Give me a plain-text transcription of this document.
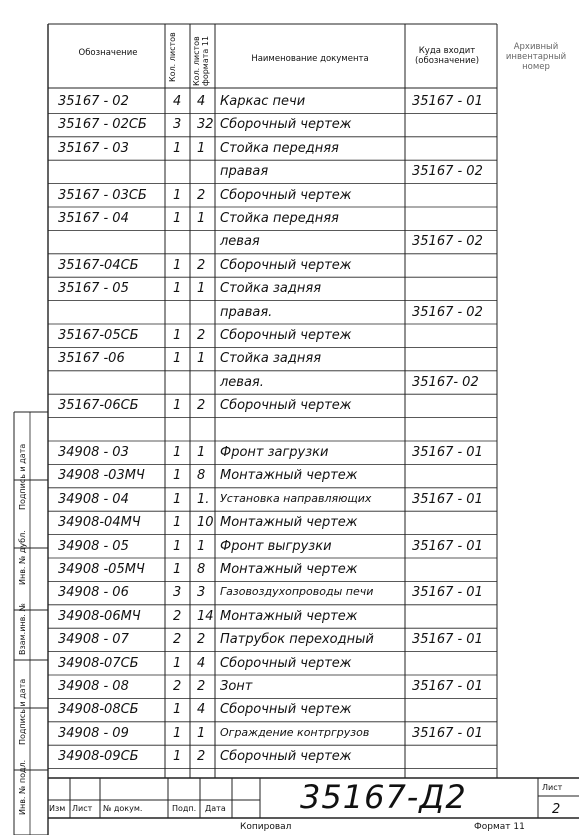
Обозначение	Кол. листов Кол. листов формата 11	Наименование документа
Куда входит (обозначение)
Архивный инвентарный номер
35167 - 02	4 4 Каркас печи	35167 - 01
35167 - 02СБ 3 32 Сборочный чертеж
35167 - 03	1 1 Стойка передняя
правая	35167 - 02
35167 - 03СБ 1 2 Сборочный чертеж
35167 - 04	1 1 Стойка передняя
левая	35167 - 02
35167-04СБ	1 2 Сборочный чертеж
35167 - 05	1 1 Стойка задняя
правая.	35167 - 02
35167-05СБ	1 2 Сборочный чертеж
35167 -06	1 1 Стойка задняя
левая.	35167- 02
35167-06СБ	1 2 Сборочный чертеж
34908 - 03	1 1 Фронт загрузки	35167 - 01
34908 -03МЧ 1 8 Монтажный чертеж
34908 - 04	1 1. Установка направляющих	35167 - 01
34908-04МЧ 1 10 Монтажный чертеж
34908 - 05	1 1 Фронт выгрузки	35167 - 01
34908 -05МЧ 1 8 Монтажный чертеж
34908 - 06	3 3 Газовоздухопроводы печи	35167 - 01
34908-06МЧ 2 14 Монтажный чертеж
34908 - 07	2 2 Патрубок переходный	35167 - 01
34908-07СБ	1 4 Сборочный чертеж
34908 - 08	2 2 Зонт	35167 - 01
34908-08СБ	1 4 Сборочный чертеж
34908 - 09	1 1 Ограждение контргрузов	35167 - 01
34908-09СБ	1 2 Сборочный чертеж
Подпись и дата
Инв. № дубл.
Взам.инв. №
Подпись и дата
Инв. № подл.	Изм Лист № докум.	Подп. Дата 35167-Д2	Лист
2
Копировал	Формат 11
